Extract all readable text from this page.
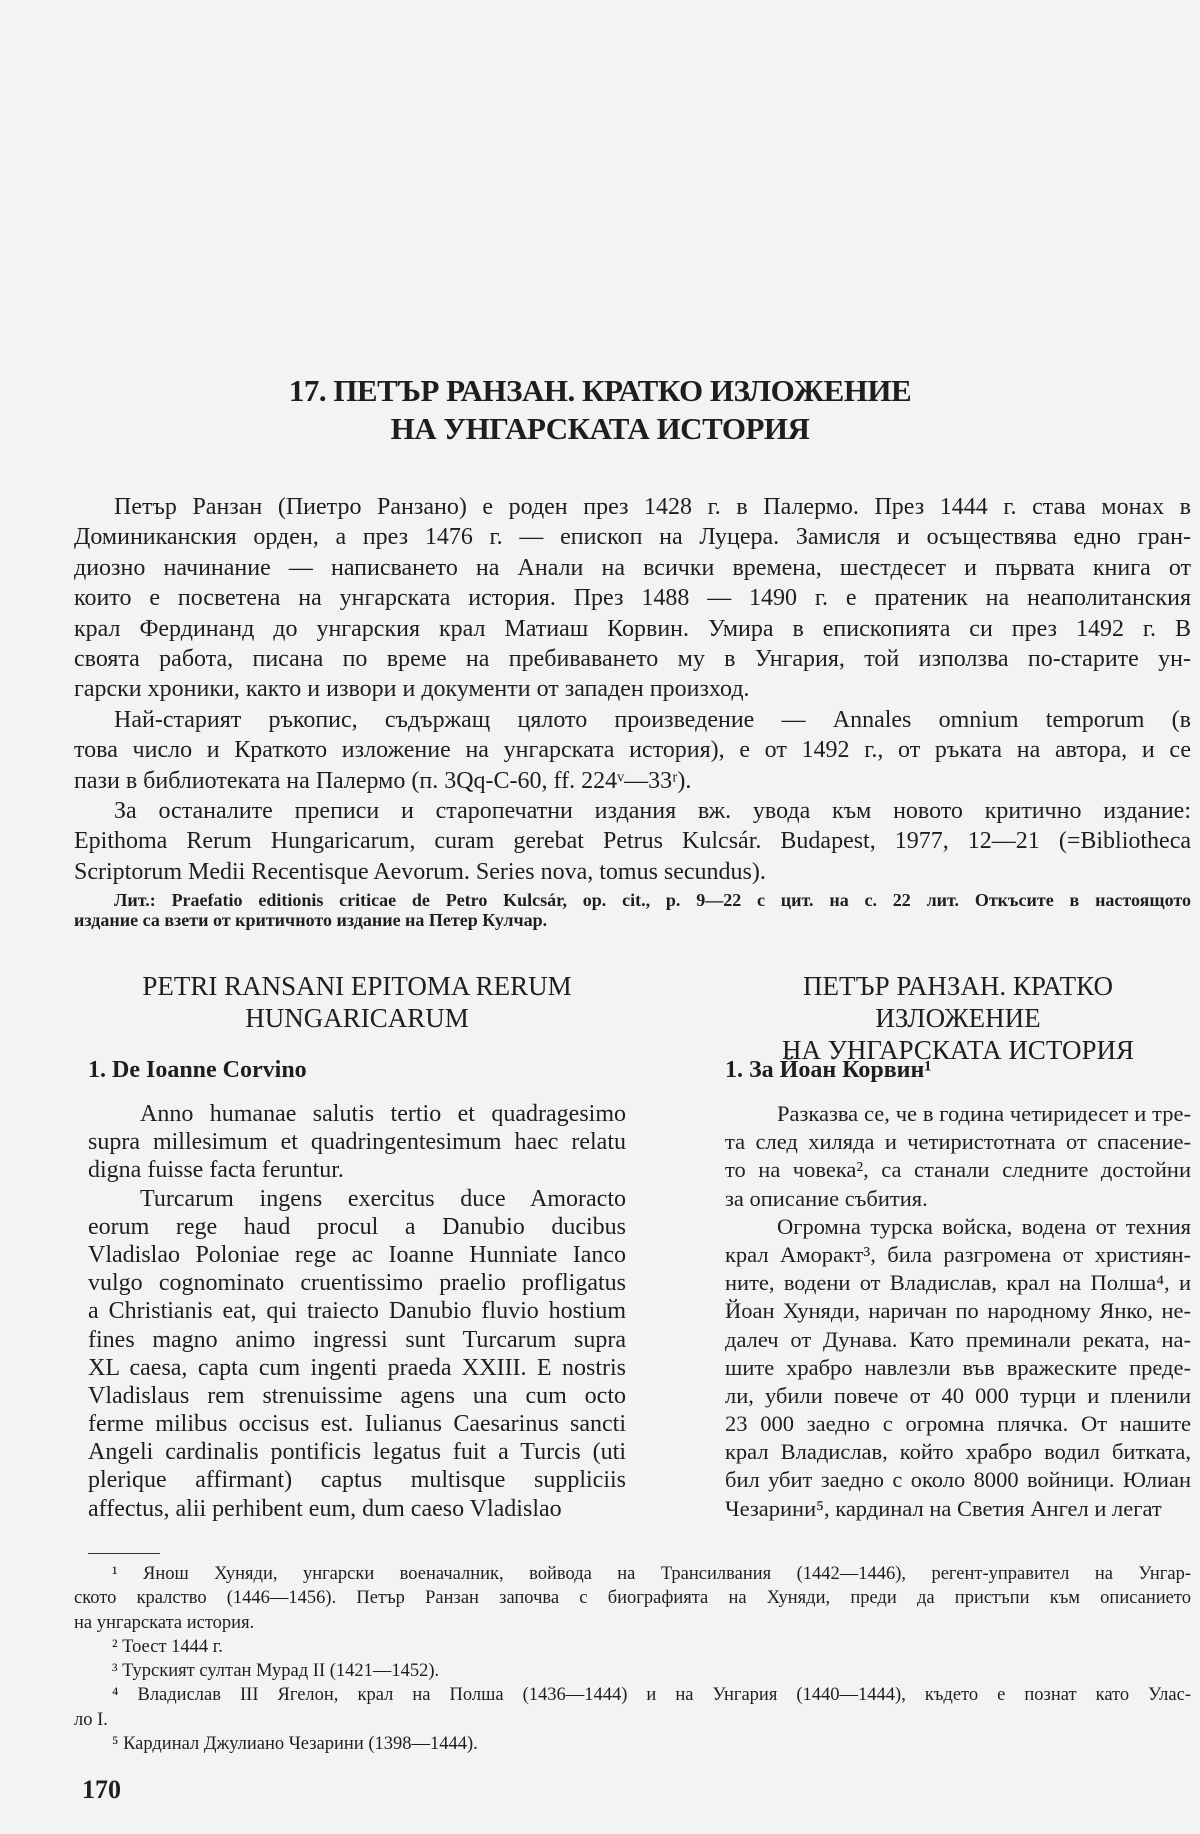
17. ПЕТЪР РАНЗАН. КРАТКО ИЗЛОЖЕНИЕ
НА УНГАРСКАТА ИСТОРИЯ
Петър Ранзан (Пиетро Ранзано) е роден през 1428 г. в Палермо. През 1444 г. става монах в
Доминиканския орден, а през 1476 г. — епископ на Луцера. Замисля и осъществява едно гран-
диозно начинание — написването на Анали на всички времена, шестдесет и първата книга от
които е посветена на унгарската история. През 1488 — 1490 г. е пратеник на неаполитанския
крал Фердинанд до унгарския крал Матиаш Корвин. Умира в епископията си през 1492 г. В
своята работа, писана по време на пребиваването му в Унгария, той използва по-старите ун-
гарски хроники, както и извори и документи от западен произход.
Най-старият ръкопис, съдържащ цялото произведение — Annales omnium temporum (в
това число и Краткото изложение на унгарската история), е от 1492 г., от ръката на автора, и се
пази в библиотеката на Палермо (п. 3Qq-C-60, ff. 224ᵛ—33ʳ).
За останалите преписи и старопечатни издания вж. увода към новото критично издание:
Epithoma Rerum Hungaricarum, curam gerebat Petrus Kulcsár. Budapest, 1977, 12—21 (=Bibliotheca
Scriptorum Medii Recentisque Aevorum. Series nova, tomus secundus).
Лит.: Praefatio editionis criticae de Petro Kulcsár, op. cit., p. 9—22 с цит. на с. 22 лит. Откъсите в настоящото
издание са взети от критичното издание на Петер Кулчар.
PETRI RANSANI EPITOMA RERUM
HUNGARICARUM
ПЕТЪР РАНЗАН. КРАТКО ИЗЛОЖЕНИЕ
НА УНГАРСКАТА ИСТОРИЯ
1. De Ioanne Corvino	1. За Йоан Корвин¹
Anno humanae salutis tertio et quadragesimo
supra millesimum et quadringentesimum haec relatu
digna fuisse facta feruntur.
Turcarum ingens exercitus duce Amoracto
eorum rege haud procul a Danubio ducibus
Vladislao Poloniae rege ac Ioanne Hunniate Ianco
vulgo cognominato cruentissimo praelio profligatus
a Christianis eat, qui traiecto Danubio fluvio hostium
fines magno animo ingressi sunt Turcarum supra
XL caesa, capta cum ingenti praeda XXIII. E nostris
Vladislaus rem strenuissime agens una cum octo
ferme milibus occisus est. Iulianus Caesarinus sancti
Angeli cardinalis pontificis legatus fuit a Turcis (uti
plerique affirmant) captus multisque suppliciis
affectus, alii perhibent eum, dum caeso Vladislao
Разказва се, че в година четиридесет и тре-
та след хиляда и четиристотната от спасение-
то на човека², са станали следните достойни
за описание събития.
Огромна турска войска, водена от техния
крал Аморакт³, била разгромена от християн-
ните, водени от Владислав, крал на Полша⁴, и
Йоан Хуняди, наричан по народному Янко, не-
далеч от Дунава. Като преминали реката, на-
шите храбро навлезли във вражеските преде-
ли, убили повече от 40 000 турци и пленили
23 000 заедно с огромна плячка. От нашите
крал Владислав, който храбро водил битката,
бил убит заедно с около 8000 войници. Юлиан
Чезарини⁵, кардинал на Светия Ангел и легат
¹ Янош Хуняди, унгарски военачалник, войвода на Трансилвания (1442—1446), регент-управител на Унгар-
ското кралство (1446—1456). Петър Ранзан започва с биографията на Хуняди, преди да пристъпи към описанието
на унгарската история.
² Тоест 1444 г.
³ Турският султан Мурад II (1421—1452).
⁴ Владислав III Ягелон, крал на Полша (1436—1444) и на Унгария (1440—1444), където е познат като Улас-
ло I.
⁵ Кардинал Джулиано Чезарини (1398—1444).
170
